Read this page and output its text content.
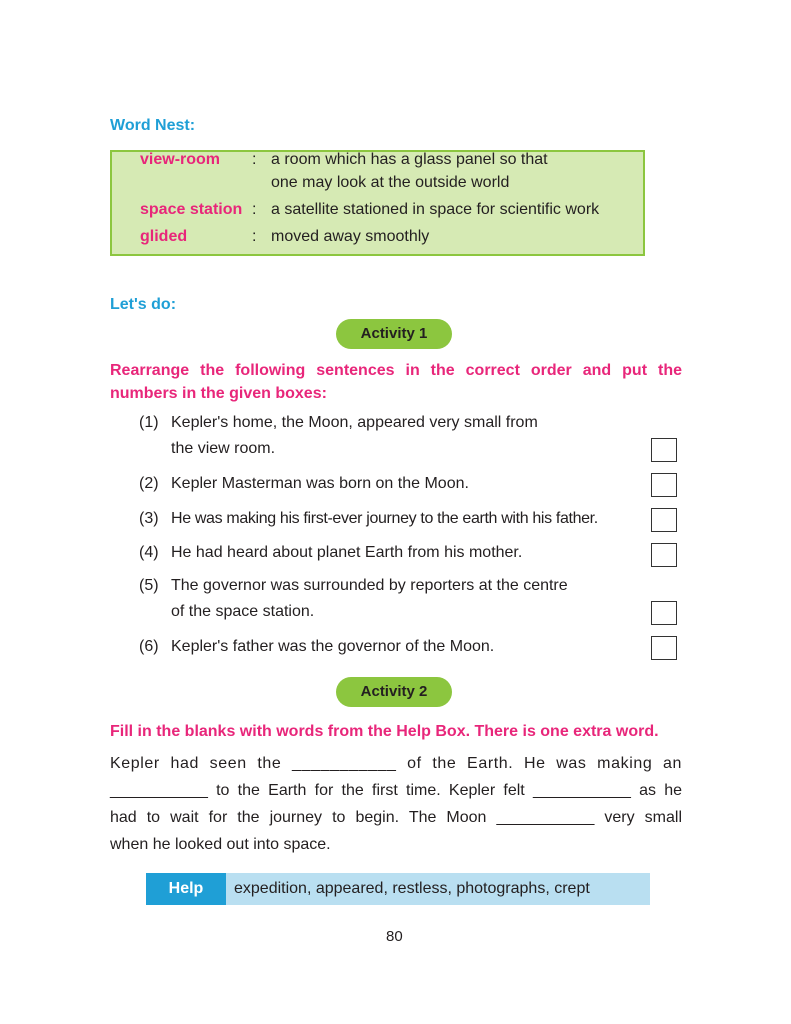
Word Nest:
view-room : a room which has a glass panel so that
one may look at the outside world
space station : a satellite stationed in space for scientific work
glided	: moved away smoothly
Let's do:
Activity 1
Rearrange the following sentences in the correct order and put the
numbers in the given boxes:
(1) Kepler's home, the Moon, appeared very small from
the view room.
(2) Kepler Masterman was born on the Moon.
(3) He was making his first-ever journey to the earth with his father.
(4) He had heard about planet Earth from his mother.
(5) The governor was surrounded by reporters at the centre
of the space station.
(6) Kepler's father was the governor of the Moon.
Activity 2
Fill in the blanks with words from the Help Box. There is one extra word.
Kepler had seen the ___________ of the Earth. He was making an
___________ to the Earth for the first time. Kepler felt ___________ as he
had to wait for the journey to begin. The Moon ___________ very small
when he looked out into space.
Help Box :
expedition, appeared, restless, photographs, crept
80
